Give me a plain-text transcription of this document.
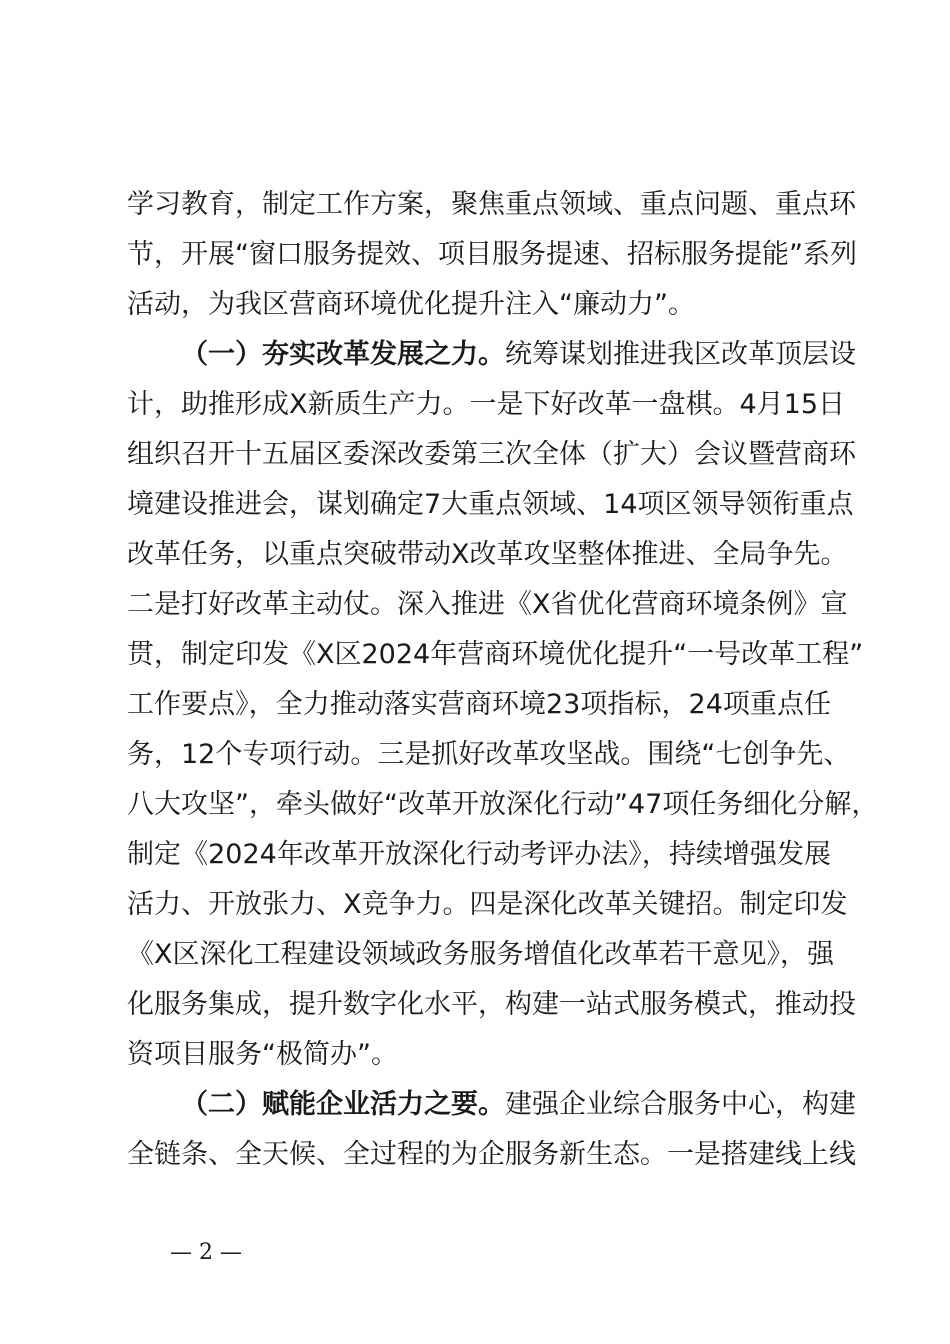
学习教育，制定工作方案，聚焦重点领域、重点问题、重点环

节，开展“窗口服务提效、项目服务提速、招标服务提能”系列

活动，为我区营商环境优化提升注入“廉动力”。

（一）夯实改革发展之力。统筹谋划推进我区改革顶层设

计，助推形成X新质生产力。一是下好改革一盘棋。4月15日

组织召开十五届区委深改委第三次全体（扩大）会议暨营商环

境建设推进会，谋划确定7大重点领域、14项区领导领衔重点

改革任务，以重点突破带动X改革攻坚整体推进、全局争先。

二是打好改革主动仗。深入推进《X省优化营商环境条例》宣

贯，制定印发《X区2024年营商环境优化提升“一号改革工程”

工作要点》，全力推动落实营商环境23项指标，24项重点任

务，12个专项行动。三是抓好改革攻坚战。围绕“七创争先、

八大攻坚”，牵头做好“改革开放深化行动”47项任务细化分解，

制定《2024年改革开放深化行动考评办法》，持续增强发展

活力、开放张力、X竞争力。四是深化改革关键招。制定印发

《X区深化工程建设领域政务服务增值化改革若干意见》，强

化服务集成，提升数字化水平，构建一站式服务模式，推动投

资项目服务“极简办”。

（二）赋能企业活力之要。建强企业综合服务中心，构建

全链条、全天候、全过程的为企服务新生态。一是搭建线上线

— 2 —
